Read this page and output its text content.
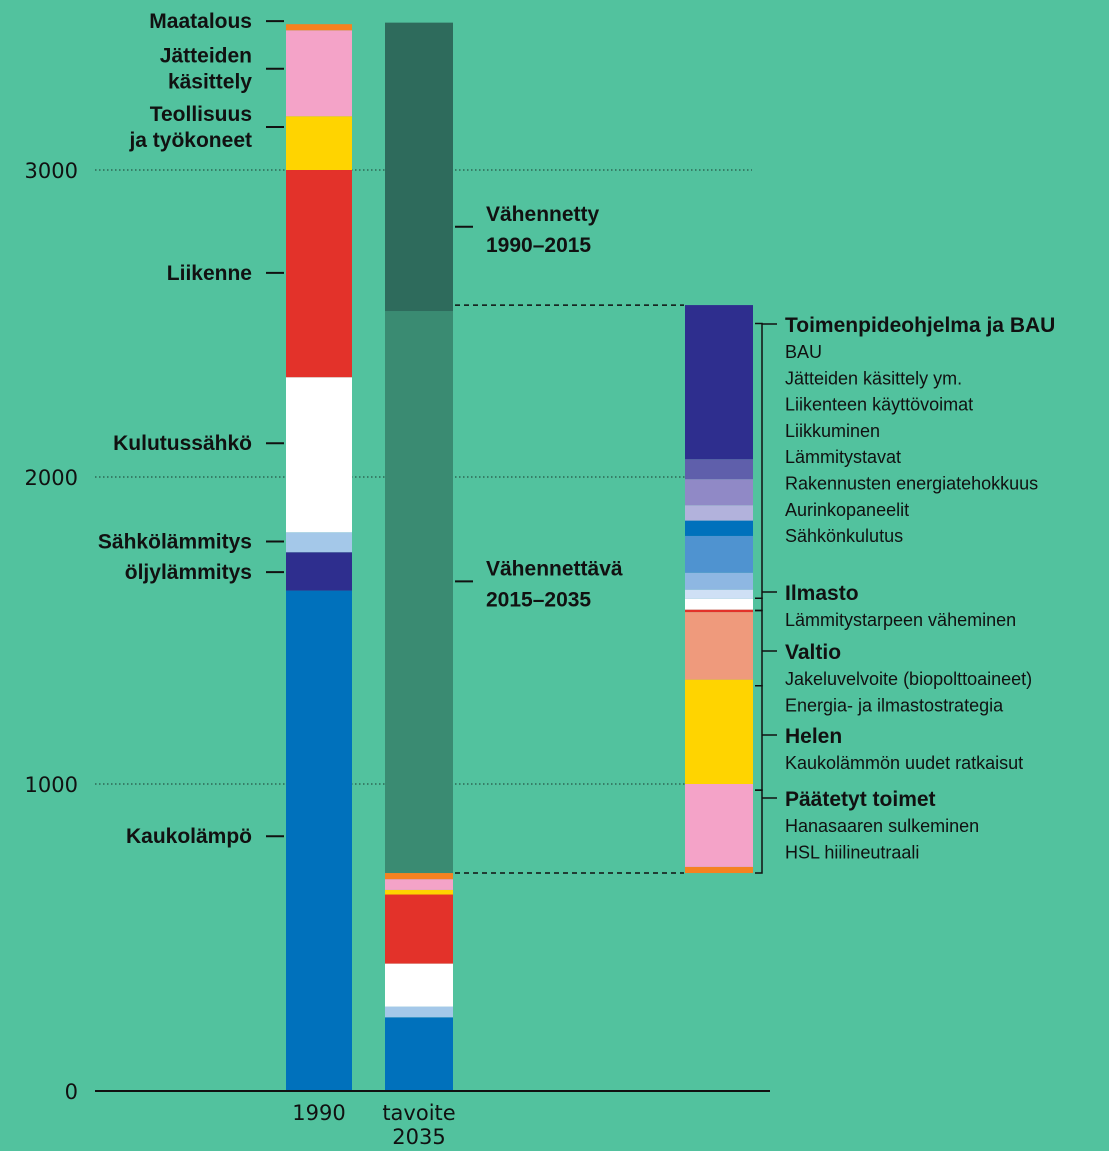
Maatalous
Jätteiden
käsittely
Teollisuus
ja työkoneet
Liikenne
Kulutussähkö
Sähkölämmitys
öljylämmitys
Kaukolämpö
Vähennetty
1990–2015
Vähennettävä
2015–2035
Toimenpideohjelma ja BAU
BAU
Jätteiden käsittely ym.
Liikenteen käyttövoimat
Liikkuminen
Lämmitystavat
Rakennusten energiatehokkuus
Aurinkopaneelit
Sähkönkulutus
Ilmasto
Lämmitystarpeen väheminen
Valtio
Jakeluvelvoite (biopolttoaineet)
Energia- ja ilmastostrategia
Helen
Kaukolämmön uudet ratkaisut
Päätetyt toimet
Hanasaaren sulkeminen
HSL hiilineutraali
0
1000
2000
3000
1990 tavoite
2035
